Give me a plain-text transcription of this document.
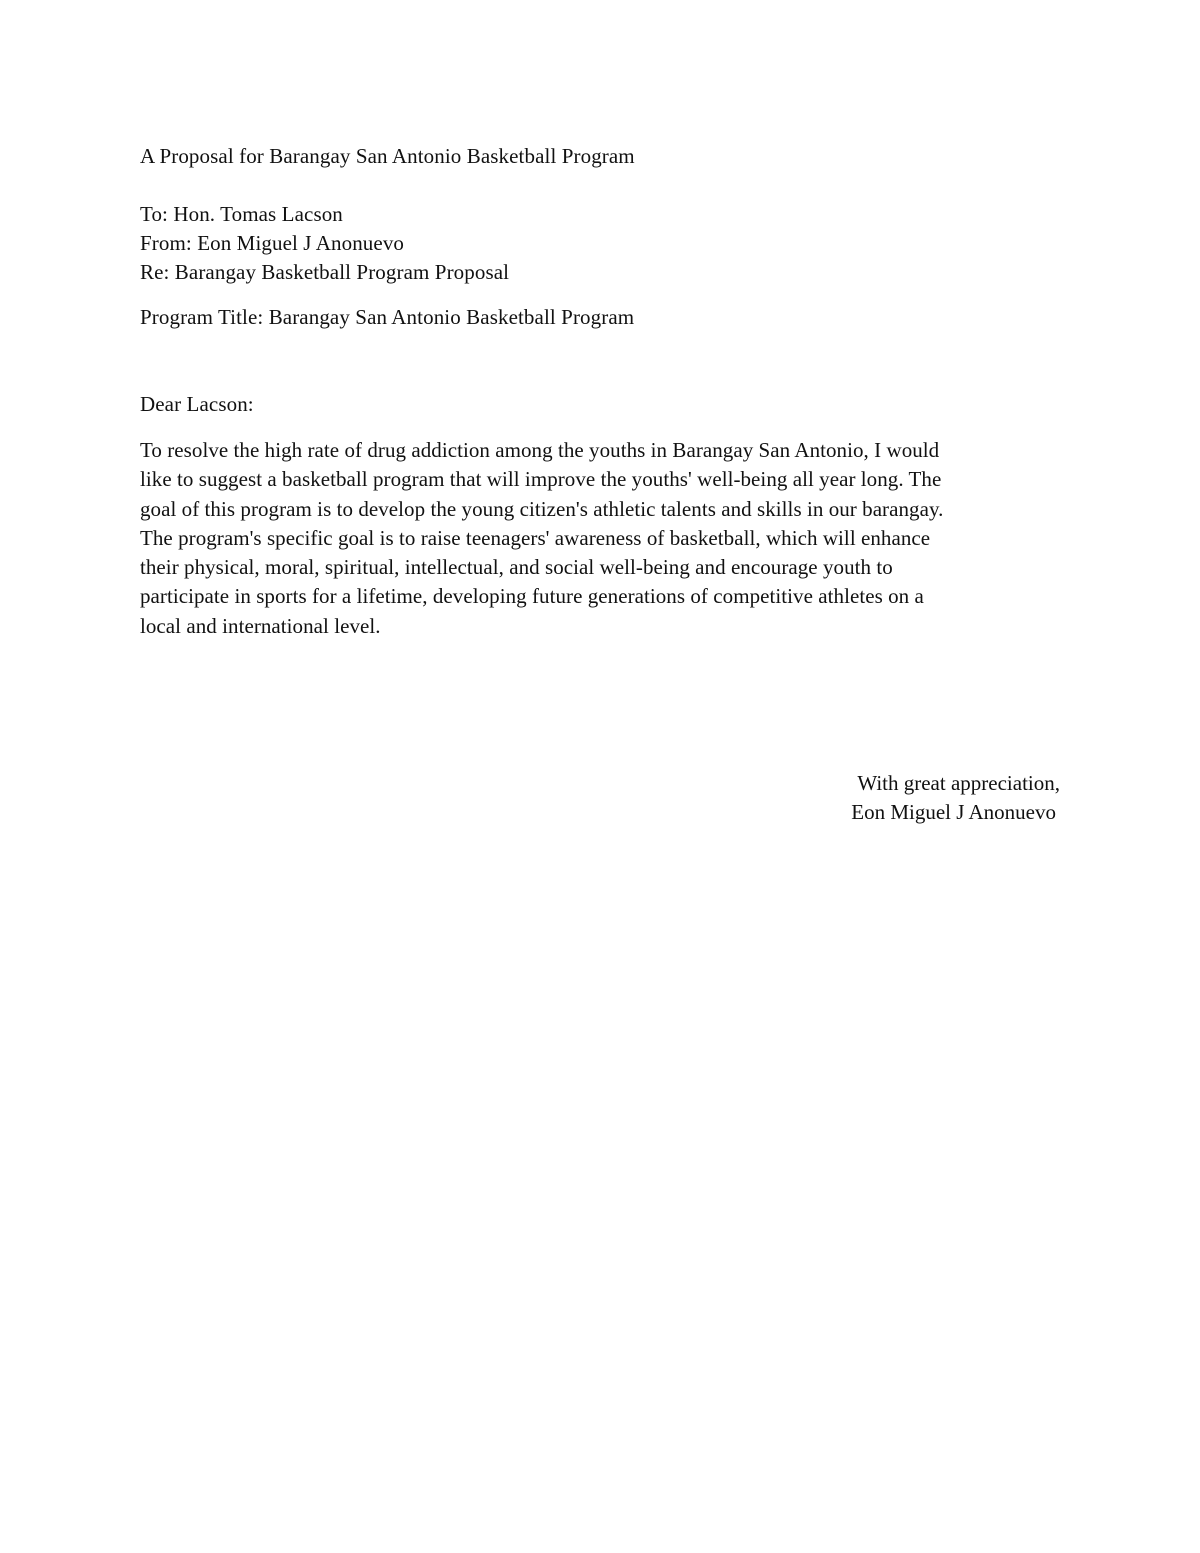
A Proposal for Barangay San Antonio Basketball Program
To: Hon. Tomas Lacson
From: Eon Miguel J Anonuevo
Re: Barangay Basketball Program Proposal
Program Title: Barangay San Antonio Basketball Program
Dear Lacson:
To resolve the high rate of drug addiction among the youths in Barangay San Antonio, I would
like to suggest a basketball program that will improve the youths' well-being all year long. The
goal of this program is to develop the young citizen's athletic talents and skills in our barangay.
The program's specific goal is to raise teenagers' awareness of basketball, which will enhance
their physical, moral, spiritual, intellectual, and social well-being and encourage youth to
participate in sports for a lifetime, developing future generations of competitive athletes on a
local and international level.
With great appreciation,
Eon Miguel J Anonuevo
